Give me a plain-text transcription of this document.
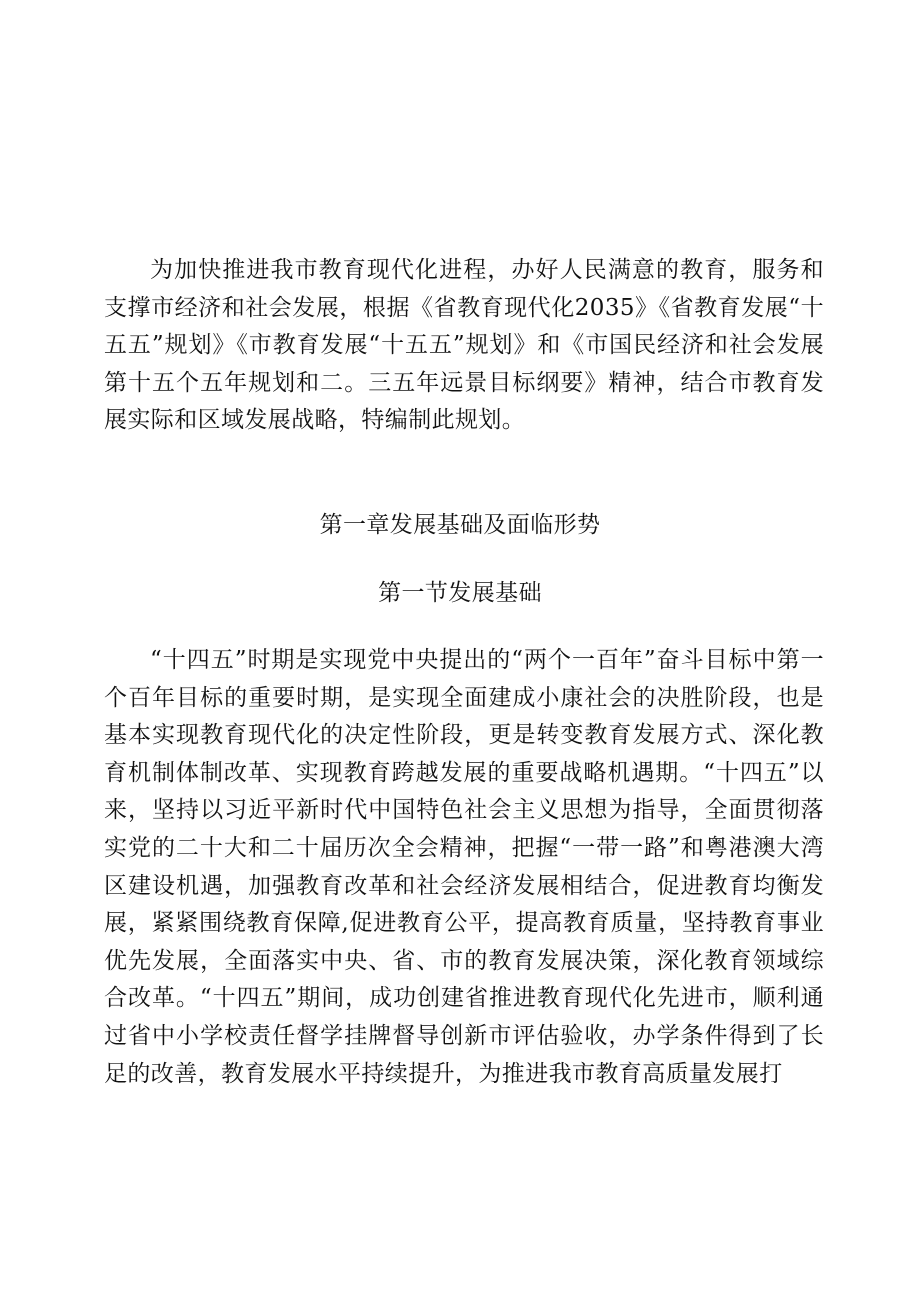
为加快推进我市教育现代化进程，办好人民满意的教育，服务和支撑市经济和社会发展，根据《省教育现代化2035》《省教育发展“十五五”规划》《市教育发展“十五五”规划》和《市国民经济和社会发展第十五个五年规划和二。三五年远景目标纲要》精神，结合市教育发展实际和区域发展战略，特编制此规划。

第一章发展基础及面临形势
第一节发展基础

“十四五”时期是实现党中央提出的“两个一百年”奋斗目标中第一个百年目标的重要时期，是实现全面建成小康社会的决胜阶段，也是基本实现教育现代化的决定性阶段，更是转变教育发展方式、深化教育机制体制改革、实现教育跨越发展的重要战略机遇期。“十四五”以来，坚持以习近平新时代中国特色社会主义思想为指导，全面贯彻落实党的二十大和二十届历次全会精神，把握“一带一路”和粤港澳大湾区建设机遇，加强教育改革和社会经济发展相结合，促进教育均衡发展，紧紧围绕教育保障,促进教育公平，提高教育质量，坚持教育事业优先发展，全面落实中央、省、市的教育发展决策，深化教育领域综合改革。“十四五”期间，成功创建省推进教育现代化先进市，顺利通过省中小学校责任督学挂牌督导创新市评估验收，办学条件得到了长足的改善，教育发展水平持续提升，为推进我市教育高质量发展打
